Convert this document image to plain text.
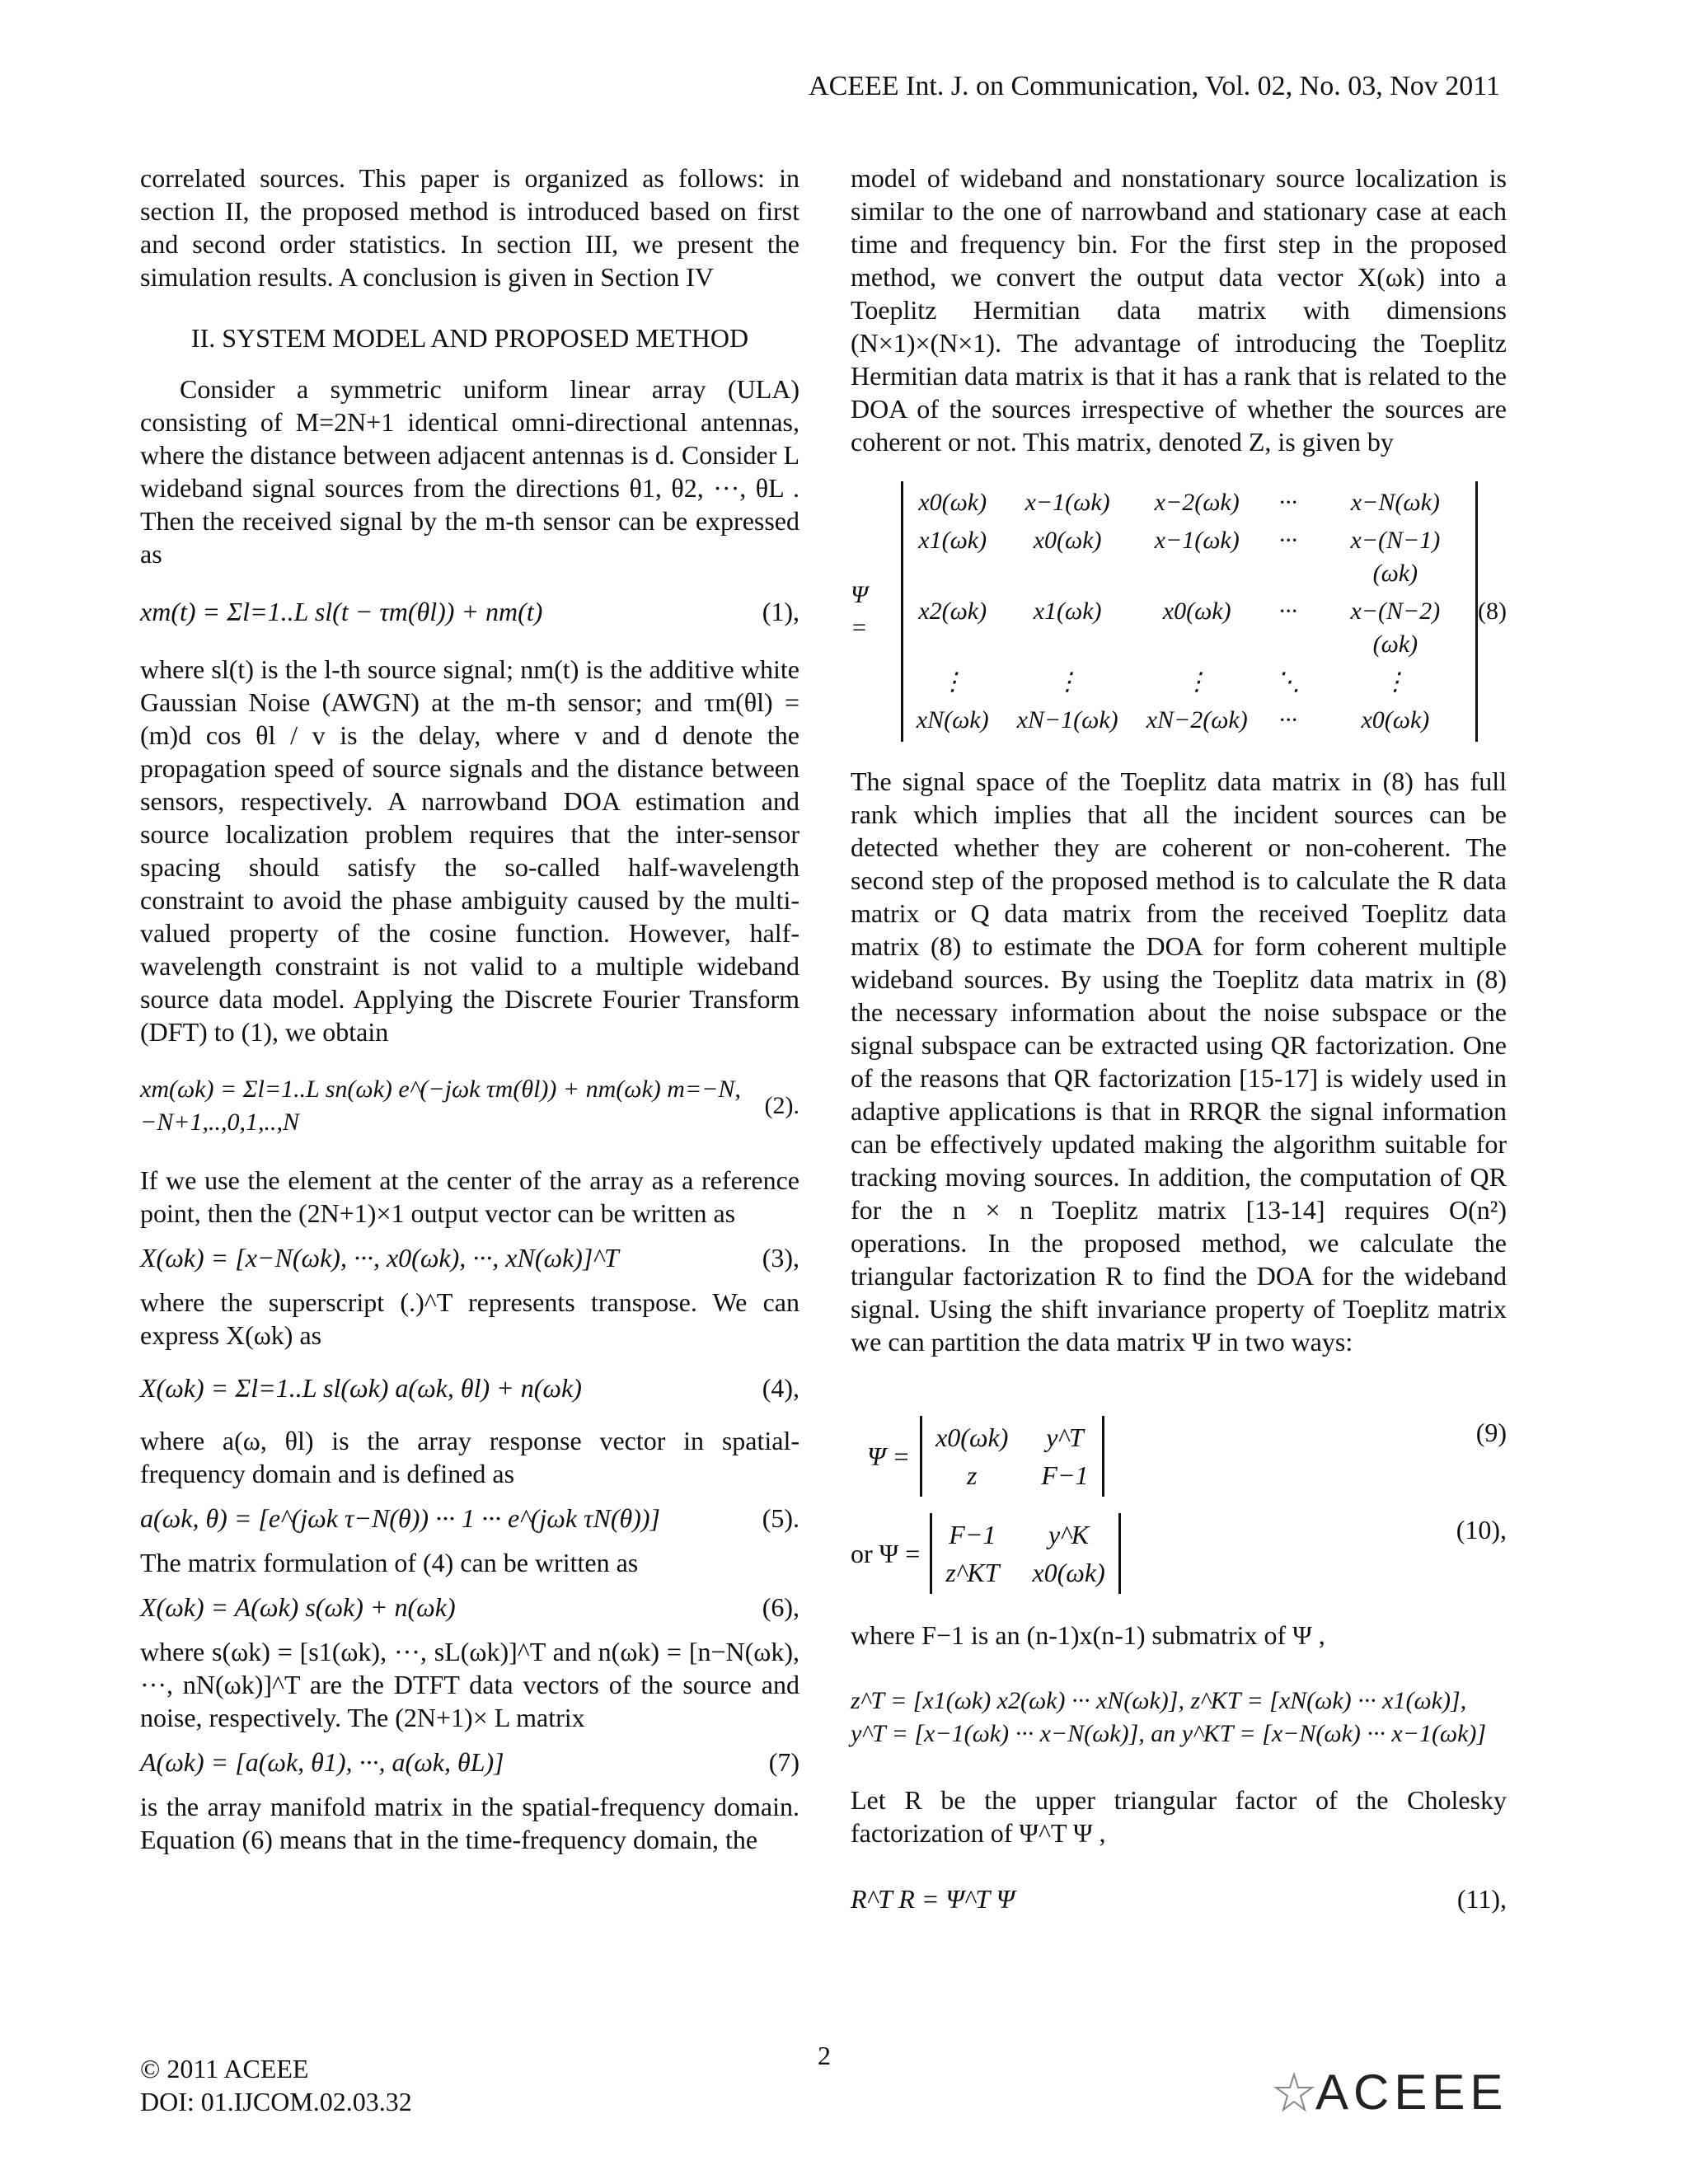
ACEEE Int. J. on Communication, Vol. 02, No. 03, Nov 2011

correlated sources. This paper is organized as follows: in section II, the proposed method is introduced based on first and second order statistics. In section III, we present the simulation results. A conclusion is given in Section IV

II. SYSTEM MODEL AND PROPOSED METHOD

Consider a symmetric uniform linear array (ULA) consisting of M=2N+1 identical omni-directional antennas, where the distance between adjacent antennas is d. Consider L wideband signal sources from the directions θ1, θ2, ···, θL . Then the received signal by the m-th sensor can be expressed as

xm(t) = Σl=1..L sl(t − τm(θl)) + nm(t)	(1),

where sl(t) is the l-th source signal; nm(t) is the additive white Gaussian Noise (AWGN) at the m-th sensor; and τm(θl) = (m)d cos θl / v is the delay, where v and d denote the propagation speed of source signals and the distance between sensors, respectively. A narrowband DOA estimation and source localization problem requires that the inter-sensor spacing should satisfy the so-called half-wavelength constraint to avoid the phase ambiguity caused by the multi-valued property of the cosine function. However, half-wavelength constraint is not valid to a multiple wideband source data model. Applying the Discrete Fourier Transform (DFT) to (1), we obtain

xm(ωk) = Σl=1..L sn(ωk) e^(−jωk τm(θl)) + nm(ωk) m=−N,−N+1,..,0,1,..,N
(2).

If we use the element at the center of the array as a reference point, then the (2N+1)×1 output vector can be written as

X(ωk) = [x−N(ωk), ···, x0(ωk), ···, xN(ωk)]^T	(3),

where the superscript (.)^T represents transpose. We can express X(ωk) as

X(ωk) = Σl=1..L sl(ωk) a(ωk, θl) + n(ωk)	(4),

where a(ω, θl) is the array response vector in spatial-frequency domain and is defined as

a(ωk, θ) = [e^(jωk τ−N(θ)) ··· 1 ··· e^(jωk τN(θ))]	(5).

The matrix formulation of (4) can be written as

X(ωk) = A(ωk) s(ωk) + n(ωk)	(6),

where s(ωk) = [s1(ωk), ···, sL(ωk)]^T and n(ωk) = [n−N(ωk), ···, nN(ωk)]^T are the DTFT data vectors of the source and noise, respectively. The (2N+1)× L matrix

A(ωk) = [a(ωk, θ1), ···, a(ωk, θL)]	(7)

is the array manifold matrix in the spatial-frequency domain. Equation (6) means that in the time-frequency domain, the

model of wideband and nonstationary source localization is similar to the one of narrowband and stationary case at each time and frequency bin. For the first step in the proposed method, we convert the output data vector X(ωk) into a Toeplitz Hermitian data matrix with dimensions (N×1)×(N×1). The advantage of introducing the Toeplitz Hermitian data matrix is that it has a rank that is related to the DOA of the sources irrespective of whether the sources are coherent or not. This matrix, denoted Z, is given by

Ψ =
x0(ωk)	x−1(ωk)	x−2(ωk)	···	x−N(ωk)
x1(ωk)	x0(ωk)	x−1(ωk)	···	x−(N−1)(ωk)
x2(ωk)	x1(ωk)	x0(ωk)	···	x−(N−2)(ωk)
⋮	⋮	⋮	⋱	⋮
xN(ωk) xN−1(ωk) xN−2(ωk) ···	x0(ωk)
(8)

The signal space of the Toeplitz data matrix in (8) has full rank which implies that all the incident sources can be detected whether they are coherent or non-coherent. The second step of the proposed method is to calculate the R data matrix or Q data matrix from the received Toeplitz data matrix (8) to estimate the DOA for form coherent multiple wideband sources. By using the Toeplitz data matrix in (8) the necessary information about the noise subspace or the signal subspace can be extracted using QR factorization. One of the reasons that QR factorization [15-17] is widely used in adaptive applications is that in RRQR the signal information can be effectively updated making the algorithm suitable for tracking moving sources. In addition, the computation of QR for the n × n Toeplitz matrix [13-14] requires O(n²) operations. In the proposed method, we calculate the triangular factorization R to find the DOA for the wideband signal. Using the shift invariance property of Toeplitz matrix we can partition the data matrix Ψ in two ways:

Ψ =
x0(ωk) y^T
z	F−1
(9)
or Ψ =
F−1	y^K
z^KT x0(ωk)
(10),

where F−1 is an (n-1)x(n-1) submatrix of Ψ ,

z^T = [x1(ωk) x2(ωk) ··· xN(ωk)], z^KT = [xN(ωk) ··· x1(ωk)],
y^T = [x−1(ωk) ··· x−N(ωk)], an y^KT = [x−N(ωk) ··· x−1(ωk)]

Let R be the upper triangular factor of the Cholesky factorization of Ψ^T Ψ ,

R^T R = Ψ^T Ψ	(11),
© 2011 ACEEE
DOI: 01.IJCOM.02.03.32
2
ACEEE
